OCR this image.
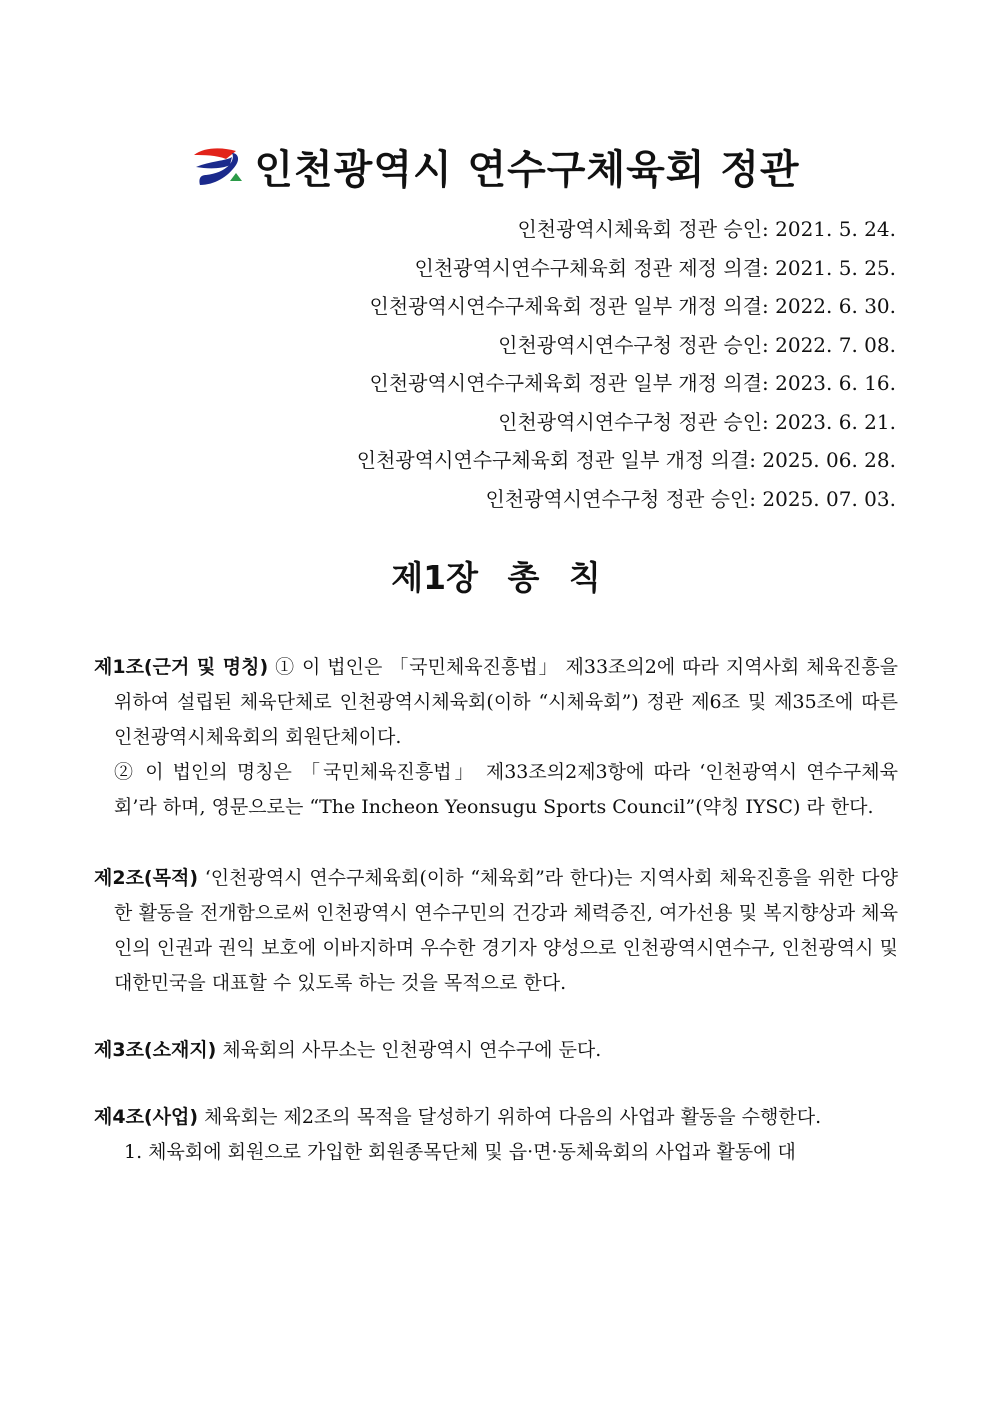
인천광역시 연수구체육회 정관
인천광역시체육회 정관 승인: 2021. 5. 24.
인천광역시연수구체육회 정관 제정 의결: 2021. 5. 25.
인천광역시연수구체육회 정관 일부 개정 의결: 2022. 6. 30.
인천광역시연수구청 정관 승인: 2022. 7. 08.
인천광역시연수구체육회 정관 일부 개정 의결: 2023. 6. 16.
인천광역시연수구청 정관 승인: 2023. 6. 21.
인천광역시연수구체육회 정관 일부 개정 의결: 2025. 06. 28.
인천광역시연수구청 정관 승인: 2025. 07. 03.
제1장 총 칙

제1조(근거 및 명칭) ① 이 법인은 「국민체육진흥법」 제33조의2에 따라 지역사회 체육진흥을 위하여 설립된 체육단체로 인천광역시체육회(이하 “시체육회”) 정관 제6조 및 제35조에 따른 인천광역시체육회의 회원단체이다.

② 이 법인의 명칭은 「국민체육진흥법」 제33조의2제3항에 따라 ‘인천광역시 연수구체육회’라 하며, 영문으로는 “The Incheon Yeonsugu Sports Council”(약칭 IYSC) 라 한다.

제2조(목적) ‘인천광역시 연수구체육회(이하 “체육회”라 한다)는 지역사회 체육진흥을 위한 다양한 활동을 전개함으로써 인천광역시 연수구민의 건강과 체력증진, 여가선용 및 복지향상과 체육인의 인권과 권익 보호에 이바지하며 우수한 경기자 양성으로 인천광역시연수구, 인천광역시 및 대한민국을 대표할 수 있도록 하는 것을 목적으로 한다.

제3조(소재지) 체육회의 사무소는 인천광역시 연수구에 둔다.

제4조(사업) 체육회는 제2조의 목적을 달성하기 위하여 다음의 사업과 활동을 수행한다.

1. 체육회에 회원으로 가입한 회원종목단체 및 읍·면·동체육회의 사업과 활동에 대
